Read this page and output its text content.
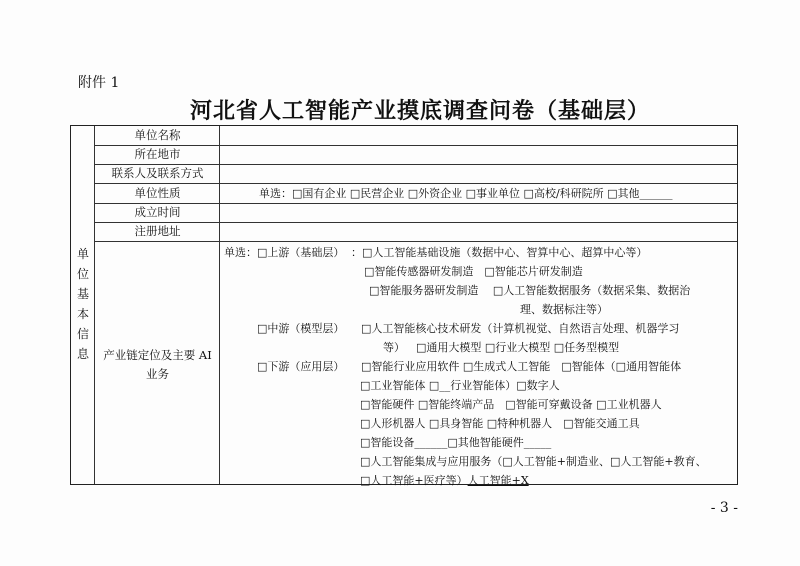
附件 1
河北省人工智能产业摸底调查问卷（基础层）
单位基本信息
单位名称
所在地市
联系人及联系方式
单位性质
成立时间
注册地址
单选：□国有企业 □民营企业 □外资企业 □事业单位 □高校/科研院所 □其他______
产业链定位及主要 AI 业务
单选：□上游（基础层） ：□人工智能基础设施（数据中心、智算中心、超算中心等）
□智能传感器研发制造　□智能芯片研发制造
□智能服务器研发制造　 □人工智能数据服务（数据采集、数据治
理、数据标注等）
□中游（模型层） □人工智能核心技术研发（计算机视觉、自然语言处理、机器学习
等） □通用大模型 □行业大模型 □任务型模型
□下游（应用层） □智能行业应用软件 □生成式人工智能　□智能体（□通用智能体
□工业智能体 □__行业智能体）□数字人
□智能硬件 □智能终端产品　□智能可穿戴设备 □工业机器人
□人形机器人 □具身智能 □特种机器人　□智能交通工具
□智能设备______□其他智能硬件_____
□人工智能集成与应用服务（□人工智能+制造业、□人工智能+教育、
□人工智能+医疗等）人工智能+X
- 3 -
